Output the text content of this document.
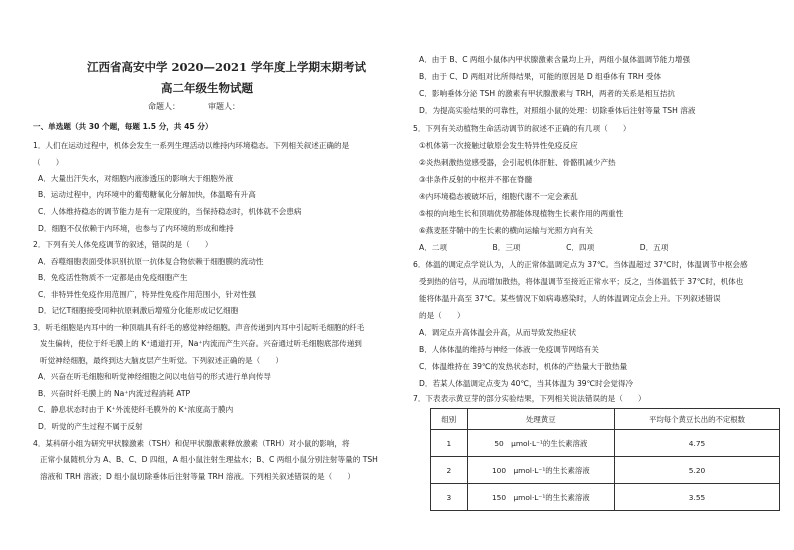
江西省高安中学 2020—2021 学年度上学期末期考试
高二年级生物试题
命题人：　　　　审题人：
一、单选题（共 30 个题，每题 1.5 分，共 45 分）
1．人们在运动过程中，机体会发生一系列生理活动以维持内环境稳态。下列相关叙述正确的是
（　　）
A．大量出汗失水，对细胞内液渗透压的影响大于细胞外液
B．运动过程中，内环境中的葡萄糖氧化分解加快，体温略有升高
C．人体维持稳态的调节能力是有一定限度的，当保持稳态时，机体就不会患病
D．细胞不仅依赖于内环境，也参与了内环境的形成和维持
2．下列有关人体免疫调节的叙述，错误的是（　　）
A．吞噬细胞表面受体识别抗原一抗体复合物依赖于细胞膜的流动性
B．免疫活性物质不一定都是由免疫细胞产生
C．非特异性免疫作用范围广，特异性免疫作用范围小，针对性强
D．记忆T细胞接受同种抗原刺激后增殖分化能形成记忆细胞
3．听毛细胞是内耳中的一种顶端具有纤毛的感觉神经细胞。声音传递到内耳中引起听毛细胞的纤毛
发生偏转，使位于纤毛膜上的 K⁺通道打开，Na⁺内流而产生兴奋。兴奋通过听毛细胞底部传递到
听觉神经细胞，最终到达大脑皮层产生听觉。下列叙述正确的是（　　）
A．兴奋在听毛细胞和听觉神经细胞之间以电信号的形式进行单向传导
B．兴奋时纤毛膜上的 Na⁺内流过程消耗 ATP
C．静息状态时由于 K⁺外流使纤毛膜外的 K⁺浓度高于膜内
D．听觉的产生过程不属于反射
4．某科研小组为研究甲状腺激素（TSH）和促甲状腺激素释放激素（TRH）对小鼠的影响，将
正常小鼠随机分为 A、B、C、D 四组，A 组小鼠注射生理盐水；B、C 两组小鼠分别注射等量的 TSH
溶液和 TRH 溶液；D 组小鼠切除垂体后注射等量 TRH 溶液。下列相关叙述错误的是（　　）
A．由于 B、C 两组小鼠体内甲状腺激素含量均上升，两组小鼠体温调节能力增强
B．由于 C、D 两组对比所得结果，可能的原因是 D 组垂体有 TRH 受体
C．影响垂体分泌 TSH 的激素有甲状腺激素与 TRH，两者的关系是相互拮抗
D．为提高实验结果的可靠性，对照组小鼠的处理：切除垂体后注射等量 TSH 溶液
5．下列有关动植物生命活动调节的叙述不正确的有几项（　　）
①机体第一次接触过敏原会发生特异性免疫反应
②炎热刺激热觉感受器，会引起机体肝脏、骨骼肌减少产热
③非条件反射的中枢并不都在脊髓
④内环境稳态被破坏后，细胞代谢不一定会紊乱
⑤根的向地生长和顶端优势都能体现植物生长素作用的两重性
⑥燕麦胚芽鞘中的生长素的横向运输与光照方向有关
A．二项　　　　　　B．三项　　　　　　C．四项　　　　　　D．五项
6．体温的调定点学说认为，人的正常体温调定点为 37℃。当体温超过 37℃时，体温调节中枢会感
受到热的信号，从而增加散热，将体温调节至接近正常水平；反之，当体温低于 37℃时，机体也
能将体温升高至 37℃。某些情况下如病毒感染时，人的体温调定点会上升。下列叙述错误
的是（　　）
A．调定点升高体温会升高，从而导致发热症状
B．人体体温的维持与神经一体液一免疫调节网络有关
C．体温维持在 39℃的发热状态时，机体的产热量大于散热量
D．若某人体温调定点变为 40℃，当其体温为 39℃时会觉得冷
7．下表表示黄豆芽的部分实验结果，下列相关说法错误的是（　　）
组别	处理黄豆	平均每个黄豆长出的不定根数
1	50　μmol·L⁻¹的生长素溶液	4.75
2	100　μmol·L⁻¹的生长素溶液	5.20
3	150　μmol·L⁻¹的生长素溶液	3.55
